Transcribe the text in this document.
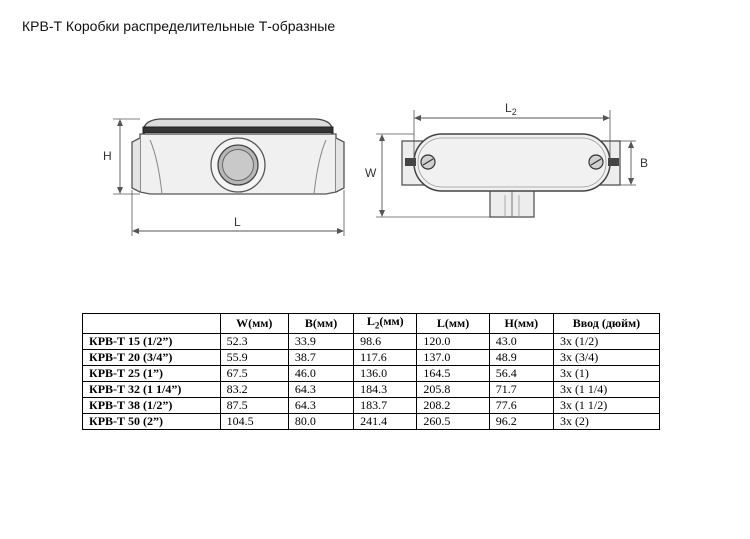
КРВ-Т Коробки распределительные Т-образные
H
L
$L_2$
W
B
	W(мм)	B(мм)	$L_2(мм)$	L(мм)	H(мм)	Ввод (дюйм)
КРВ-Т 15 (1/2”)	52.3	33.9	98.6	120.0	43.0	3x (1/2)
КРВ-Т 20 (3/4”)	55.9	38.7	117.6	137.0	48.9	3x (3/4)
КРВ-Т 25 (1”)	67.5	46.0	136.0	164.5	56.4	3x (1)
КРВ-Т 32 (1 1/4”)	83.2	64.3	184.3	205.8	71.7	3x (1 1/4)
КРВ-Т 38 (1/2”)	87.5	64.3	183.7	208.2	77.6	3x (1 1/2)
КРВ-Т 50 (2”)	104.5	80.0	241.4	260.5	96.2	3x (2)
